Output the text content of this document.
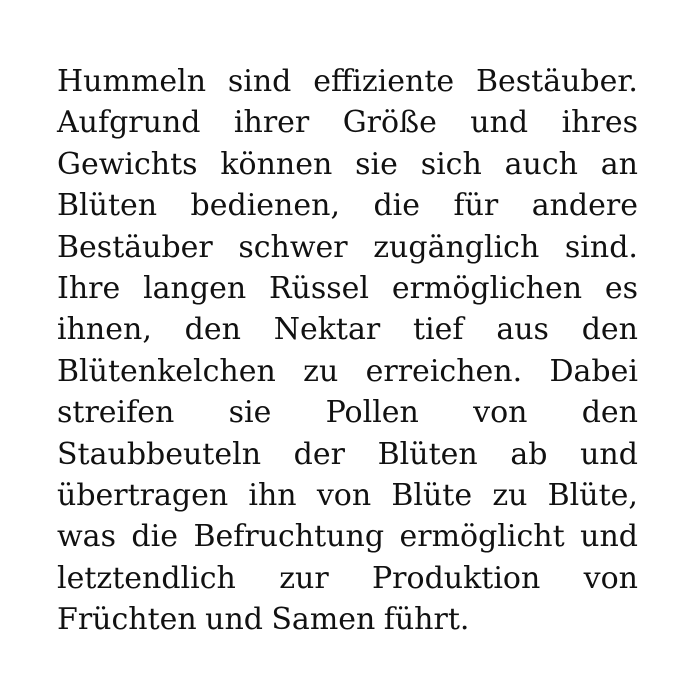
Hummeln sind effiziente Bestäuber.
Aufgrund ihrer Größe und ihres
Gewichts können sie sich auch an
Blüten bedienen, die für andere
Bestäuber schwer zugänglich sind.
Ihre langen Rüssel ermöglichen es
ihnen, den Nektar tief aus den
Blütenkelchen zu erreichen. Dabei
streifen sie Pollen von den
Staubbeuteln der Blüten ab und
übertragen ihn von Blüte zu Blüte,
was die Befruchtung ermöglicht und
letztendlich zur Produktion von
Früchten und Samen führt.
